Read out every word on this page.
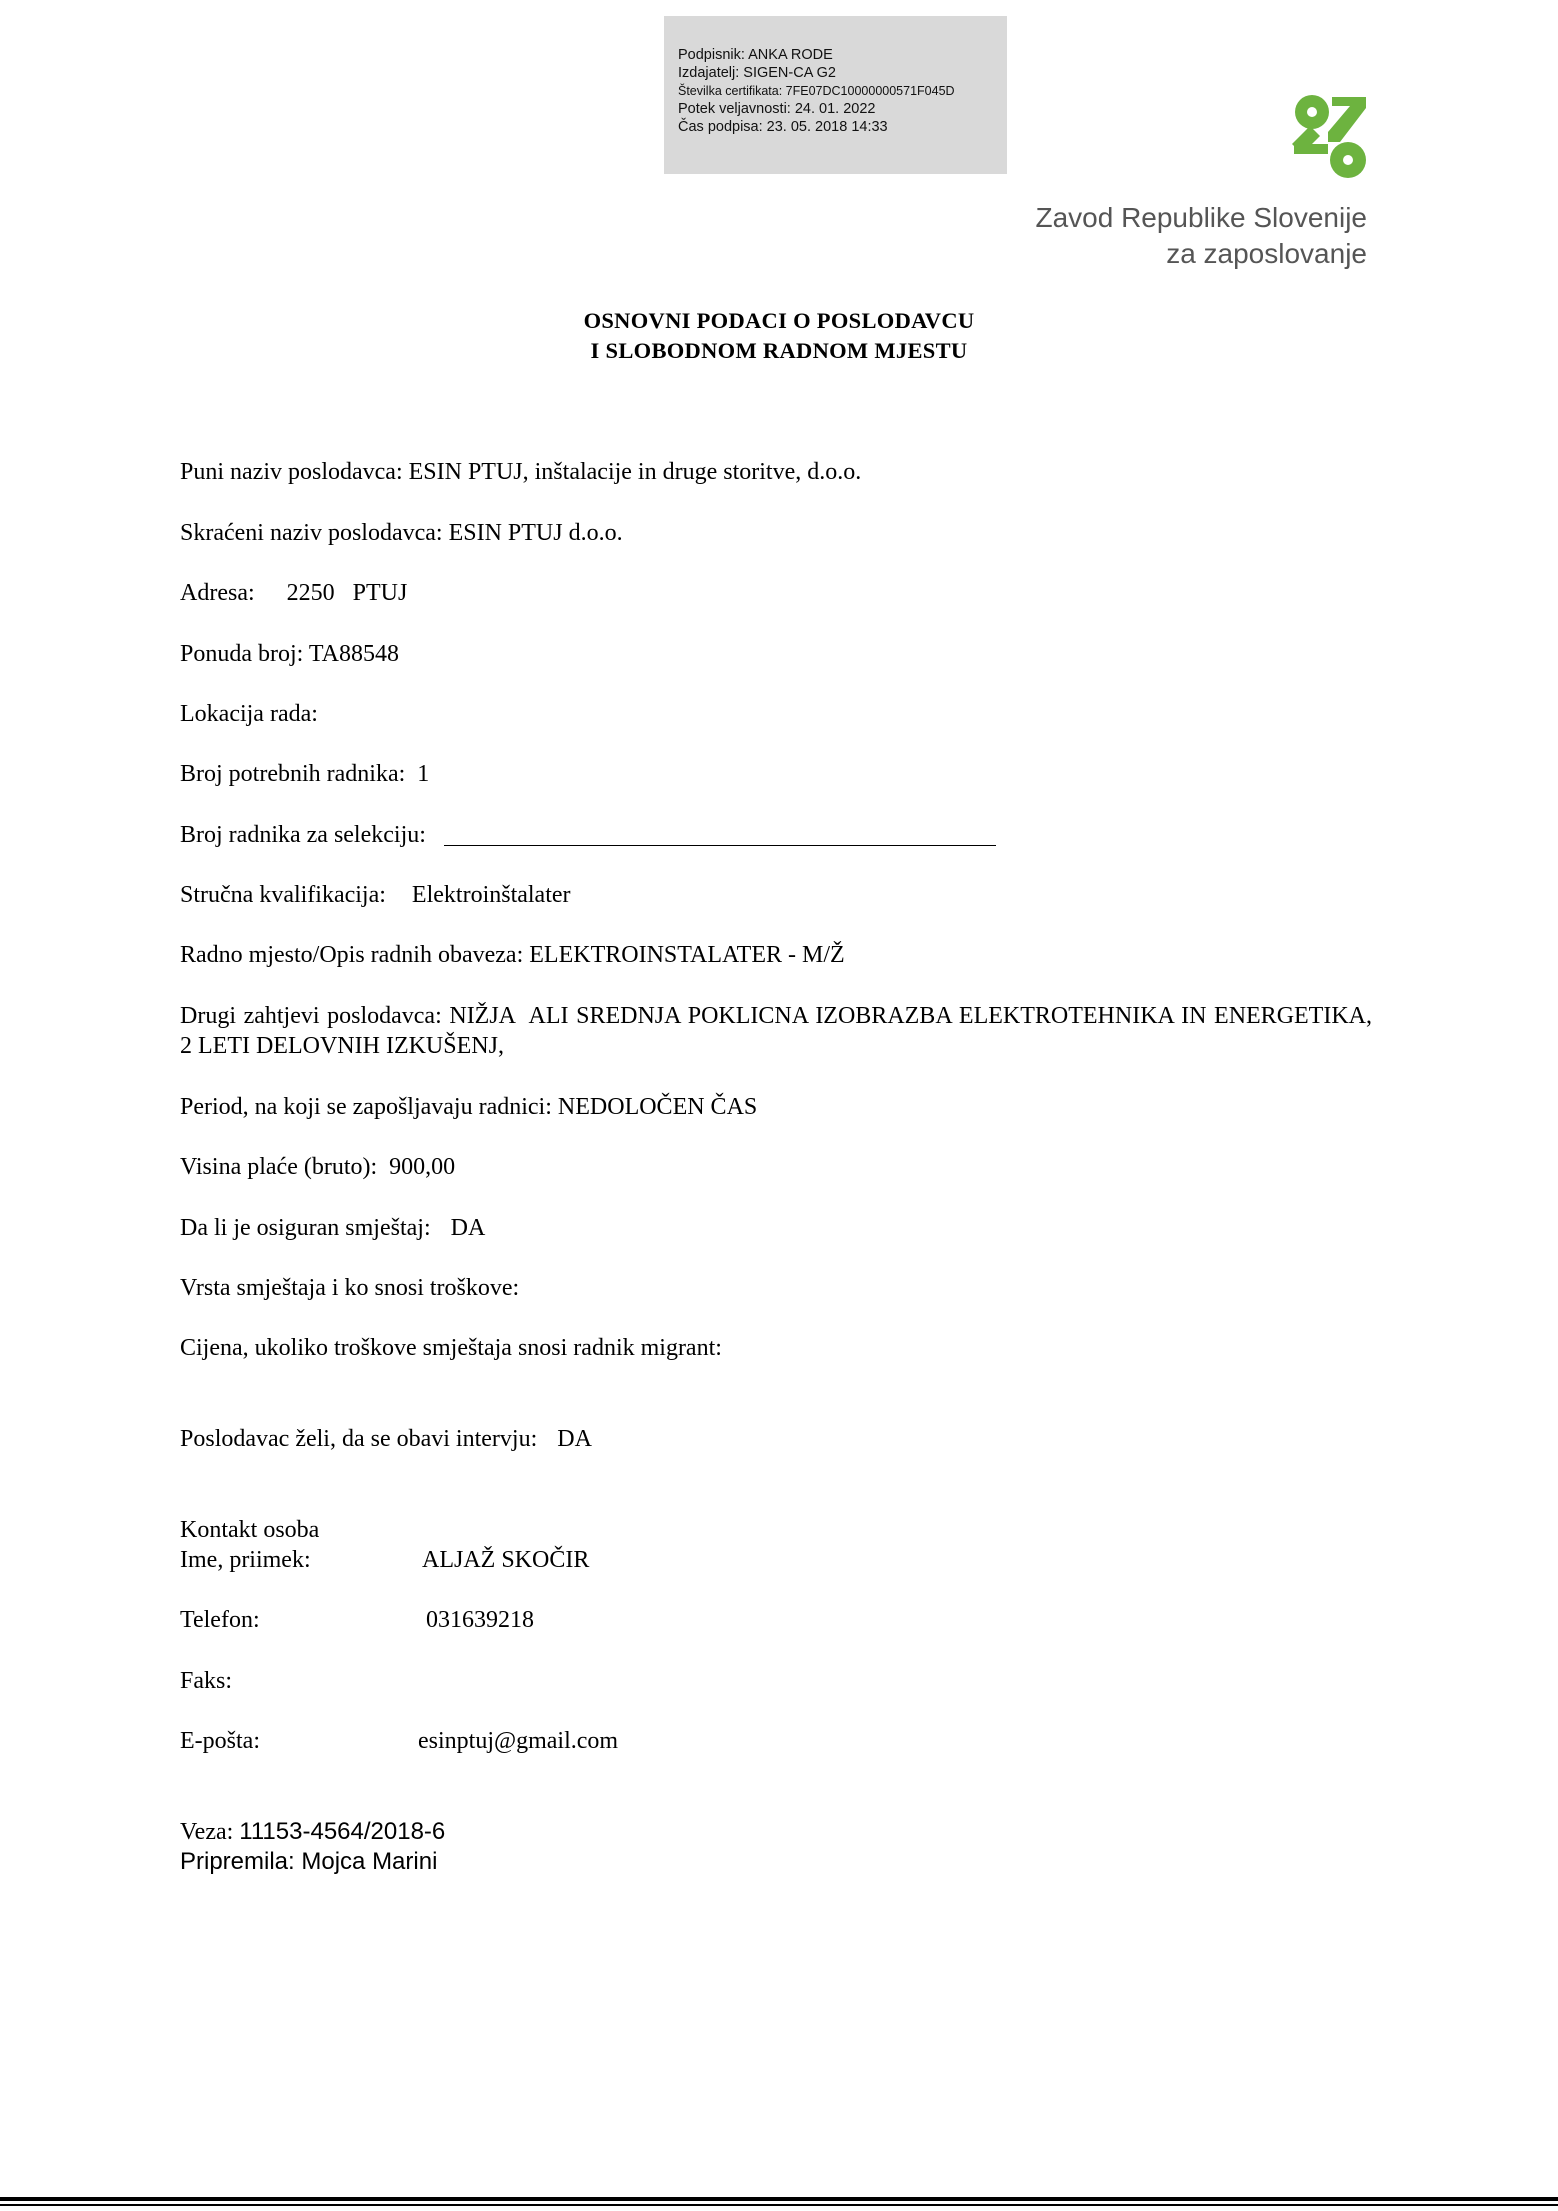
Podpisnik: ANKA RODE
Izdajatelj: SIGEN-CA G2
Številka certifikata: 7FE07DC10000000571F045D
Potek veljavnosti: 24. 01. 2022
Čas podpisa: 23. 05. 2018 14:33
Zavod Republike Slovenije
za zaposlovanje
OSNOVNI PODACI O POSLODAVCU
I SLOBODNOM RADNOM MJESTU
Puni naziv poslodavca: ESIN PTUJ, inštalacije in druge storitve, d.o.o.
Skraćeni naziv poslodavca: ESIN PTUJ d.o.o.
Adresa: 2250   PTUJ
Ponuda broj: TA88548
Lokacija rada:
Broj potrebnih radnika: 1
Broj radnika za selekciju:
Stručna kvalifikacija: Elektroinštalater
Radno mjesto/Opis radnih obaveza: ELEKTROINSTALATER - M/Ž
Drugi zahtjevi poslodavca: NIŽJA  ALI SREDNJA POKLICNA IZOBRAZBA ELEKTROTEHNIKA IN ENERGETIKA, 2 LETI DELOVNIH IZKUŠENJ,
Period, na koji se zapošljavaju radnici: NEDOLOČEN ČAS
Visina plaće (bruto): 900,00
Da li je osiguran smještaj: DA
Vrsta smještaja i ko snosi troškove:
Cijena, ukoliko troškove smještaja snosi radnik migrant:
Poslodavac želi, da se obavi intervju: DA
Kontakt osoba
Ime, priimek:	ALJAŽ SKOČIR
Telefon:	031639218
Faks:
E-pošta:	esinptuj@gmail.com
Veza: 11153-4564/2018-6
Pripremila: Mojca Marini
